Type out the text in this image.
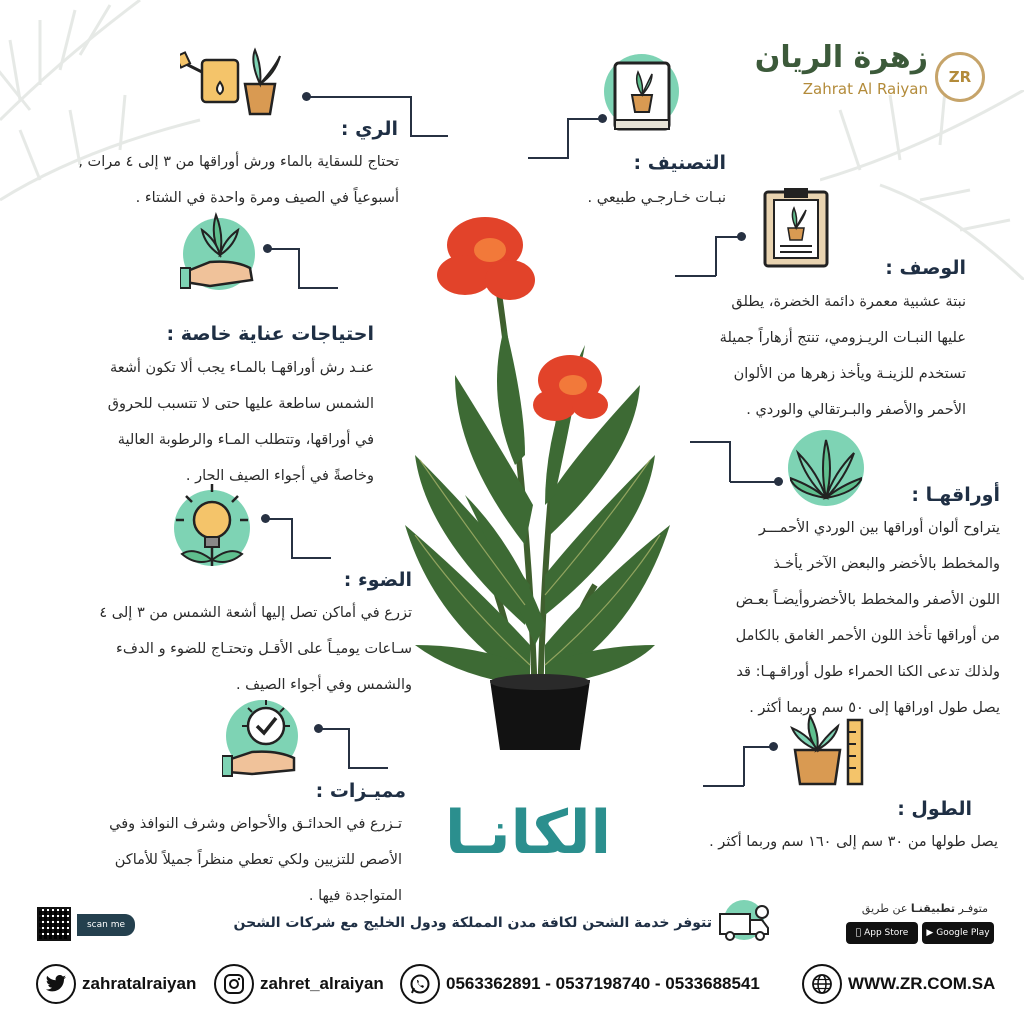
ZR
زهرة الريان
Zahrat Al Raiyan
الري :
تحتاج للسقاية بالماء ورش أوراقها من ٣ إلى ٤ مرات ,
أسبوعياً في الصيف ومرة واحدة في الشتاء .
التصنيف :
نبـات خـارجـي طبيعي .
احتياجات عناية خاصة :
عنـد رش أوراقهـا بالمـاء يجب ألا تكون أشعة
الشمس ساطعة عليها حتى لا تتسبب للحروق
في أوراقها، وتتطلب المـاء والرطوبة العالية
وخاصةً في أجواء الصيف الحار .
الوصف :
نبتة عشبية معمرة دائمة الخضرة، يطلق
عليها النبـات الريـزومي، تنتج أزهاراً جميلة
تستخدم للزينـة ويأخذ زهرها من الألوان
الأحمر والأصفر والبـرتقالي والوردي .
أوراقهـا :
يتراوح ألوان أوراقها بين الوردي الأحمـــر
والمخطط بالأخضر والبعض الآخر يأخـذ
اللون الأصفر والمخطط بالأخضروأيضـاً بعـض
من أوراقها تأخذ اللون الأحمر الغامق بالكامل
ولذلك تدعى الكنا الحمراء طول أوراقـهـا: قد
يصل طول اوراقها إلى ٥٠ سم وربما أكثر .
الضوء :
تزرع في أماكن تصل إليها أشعة الشمس من ٣ إلى ٤
سـاعات يوميـاً على الأقـل وتحتـاج للضوء و الدفء
والشمس وفي أجواء الصيف .
الطول :
يصل طولها من ٣٠ سم إلى ١٦٠ سم وربما أكثر .
مميـزات :
تـزرع في الحدائـق والأحواض وشرف النوافذ وفي
الأصص للتزيين ولكي تعطي منظراً جميلاً للأماكن
المتواجدة فيها .
الكانـا
scan me	تتوفر خدمة الشحن لكافة مدن المملكة ودول الخليج مع شركات الشحن
متوفـر تطبيقنـا عن طريق
App Store ▶ Google Play
zahratalraiyan	zahret_alraiyan	0563362891 - 0537198740 - 0533688541	WWW.ZR.COM.SA
